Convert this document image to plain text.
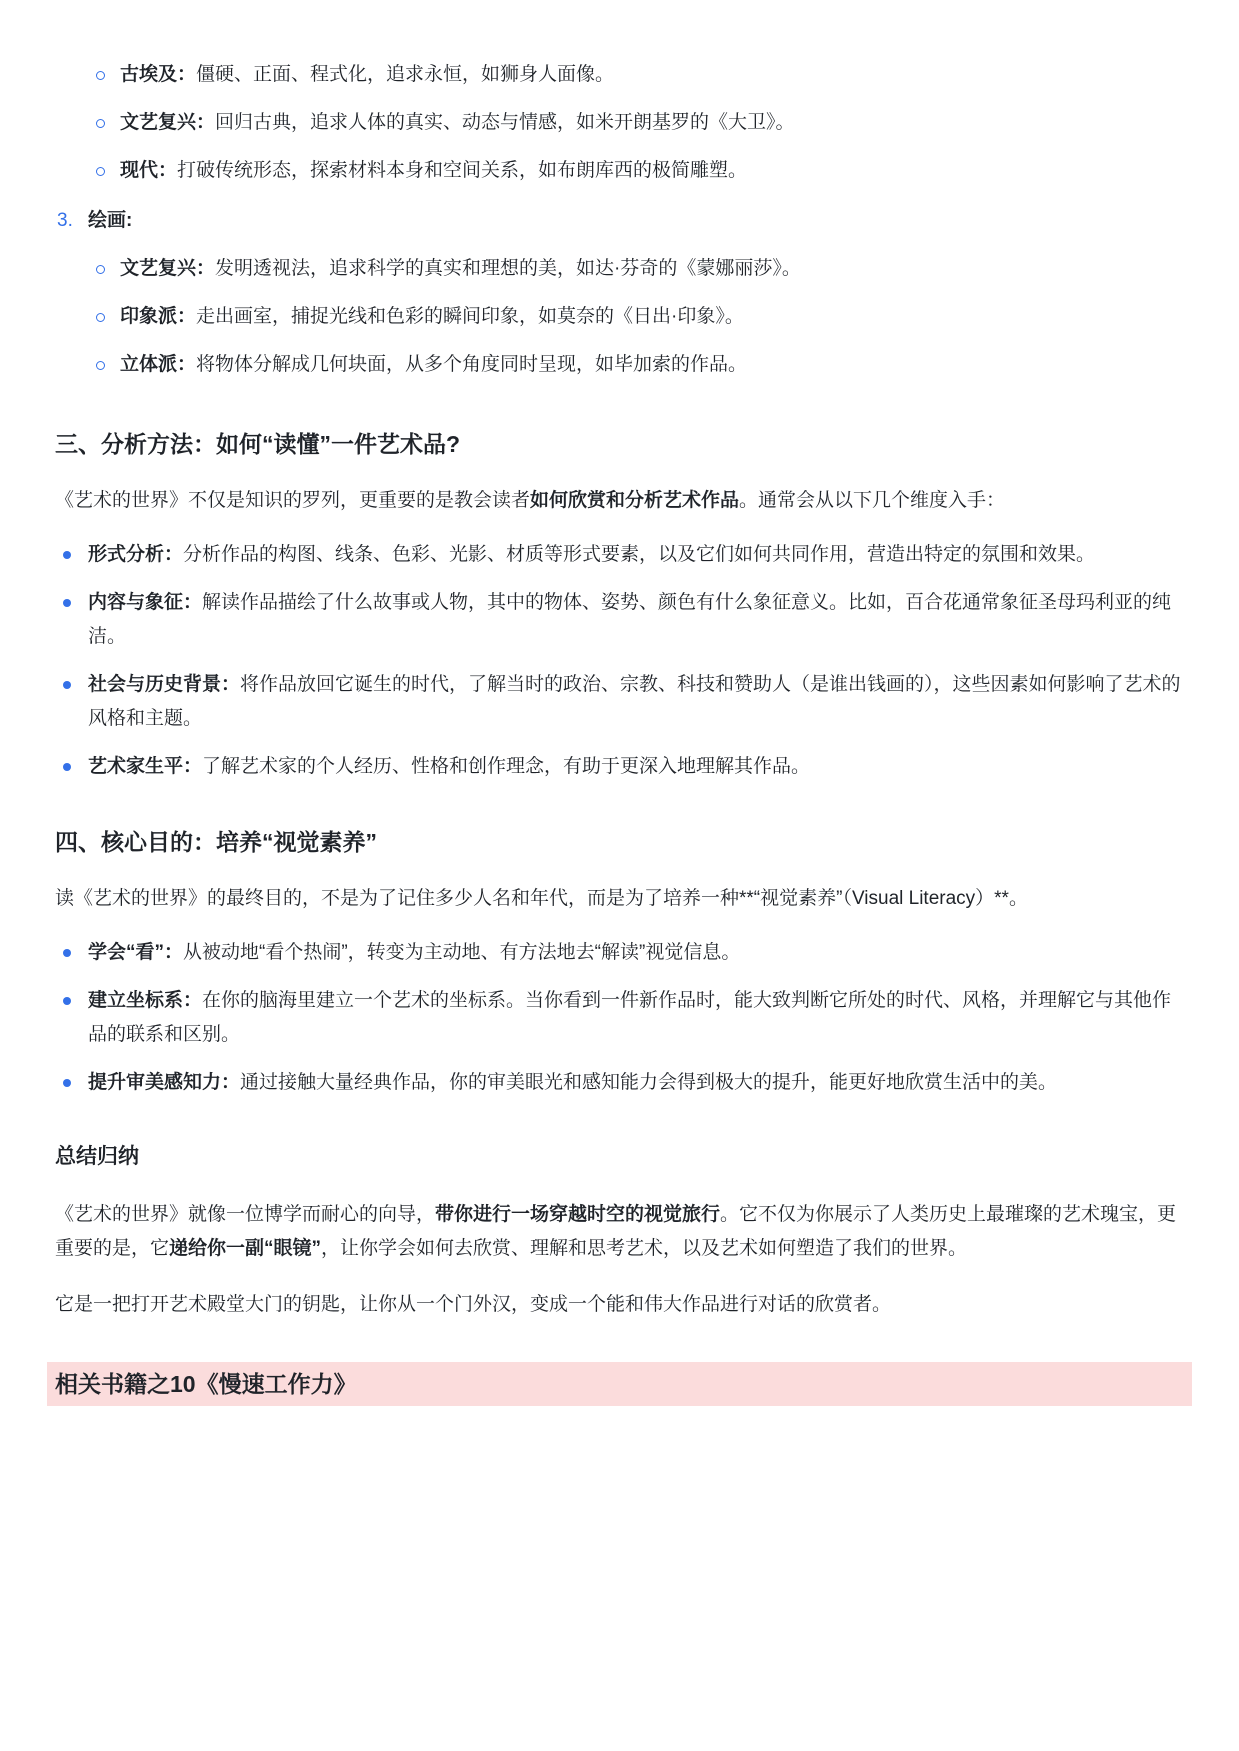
古埃及：僵硬、正面、程式化，追求永恒，如狮身人面像。
文艺复兴：回归古典，追求人体的真实、动态与情感，如米开朗基罗的《大卫》。
现代：打破传统形态，探索材料本身和空间关系，如布朗库西的极简雕塑。
3. 绘画:
文艺复兴：发明透视法，追求科学的真实和理想的美，如达·芬奇的《蒙娜丽莎》。
印象派：走出画室，捕捉光线和色彩的瞬间印象，如莫奈的《日出·印象》。
立体派：将物体分解成几何块面，从多个角度同时呈现，如毕加索的作品。
三、分析方法：如何“读懂”一件艺术品?

《艺术的世界》不仅是知识的罗列，更重要的是教会读者如何欣赏和分析艺术作品。通常会从以下几个维度入手：

形式分析：分析作品的构图、线条、色彩、光影、材质等形式要素，以及它们如何共同作用，营造出特定的氛围和效果。
内容与象征：解读作品描绘了什么故事或人物，其中的物体、姿势、颜色有什么象征意义。比如，百合花通常象征圣母玛利亚的纯洁。
社会与历史背景：将作品放回它诞生的时代，了解当时的政治、宗教、科技和赞助人（是谁出钱画的），这些因素如何影响了艺术的风格和主题。
艺术家生平：了解艺术家的个人经历、性格和创作理念，有助于更深入地理解其作品。
四、核心目的：培养“视觉素养”

读《艺术的世界》的最终目的，不是为了记住多少人名和年代，而是为了培养一种**“视觉素养”（Visual Literacy）**。

学会“看”：从被动地“看个热闹”，转变为主动地、有方法地去“解读”视觉信息。
建立坐标系：在你的脑海里建立一个艺术的坐标系。当你看到一件新作品时，能大致判断它所处的时代、风格，并理解它与其他作品的联系和区别。
提升审美感知力：通过接触大量经典作品，你的审美眼光和感知能力会得到极大的提升，能更好地欣赏生活中的美。
总结归纳

《艺术的世界》就像一位博学而耐心的向导，带你进行一场穿越时空的视觉旅行。它不仅为你展示了人类历史上最璀璨的艺术瑰宝，更重要的是，它递给你一副“眼镜”，让你学会如何去欣赏、理解和思考艺术，以及艺术如何塑造了我们的世界。

它是一把打开艺术殿堂大门的钥匙，让你从一个门外汉，变成一个能和伟大作品进行对话的欣赏者。

相关书籍之10《慢速工作力》
